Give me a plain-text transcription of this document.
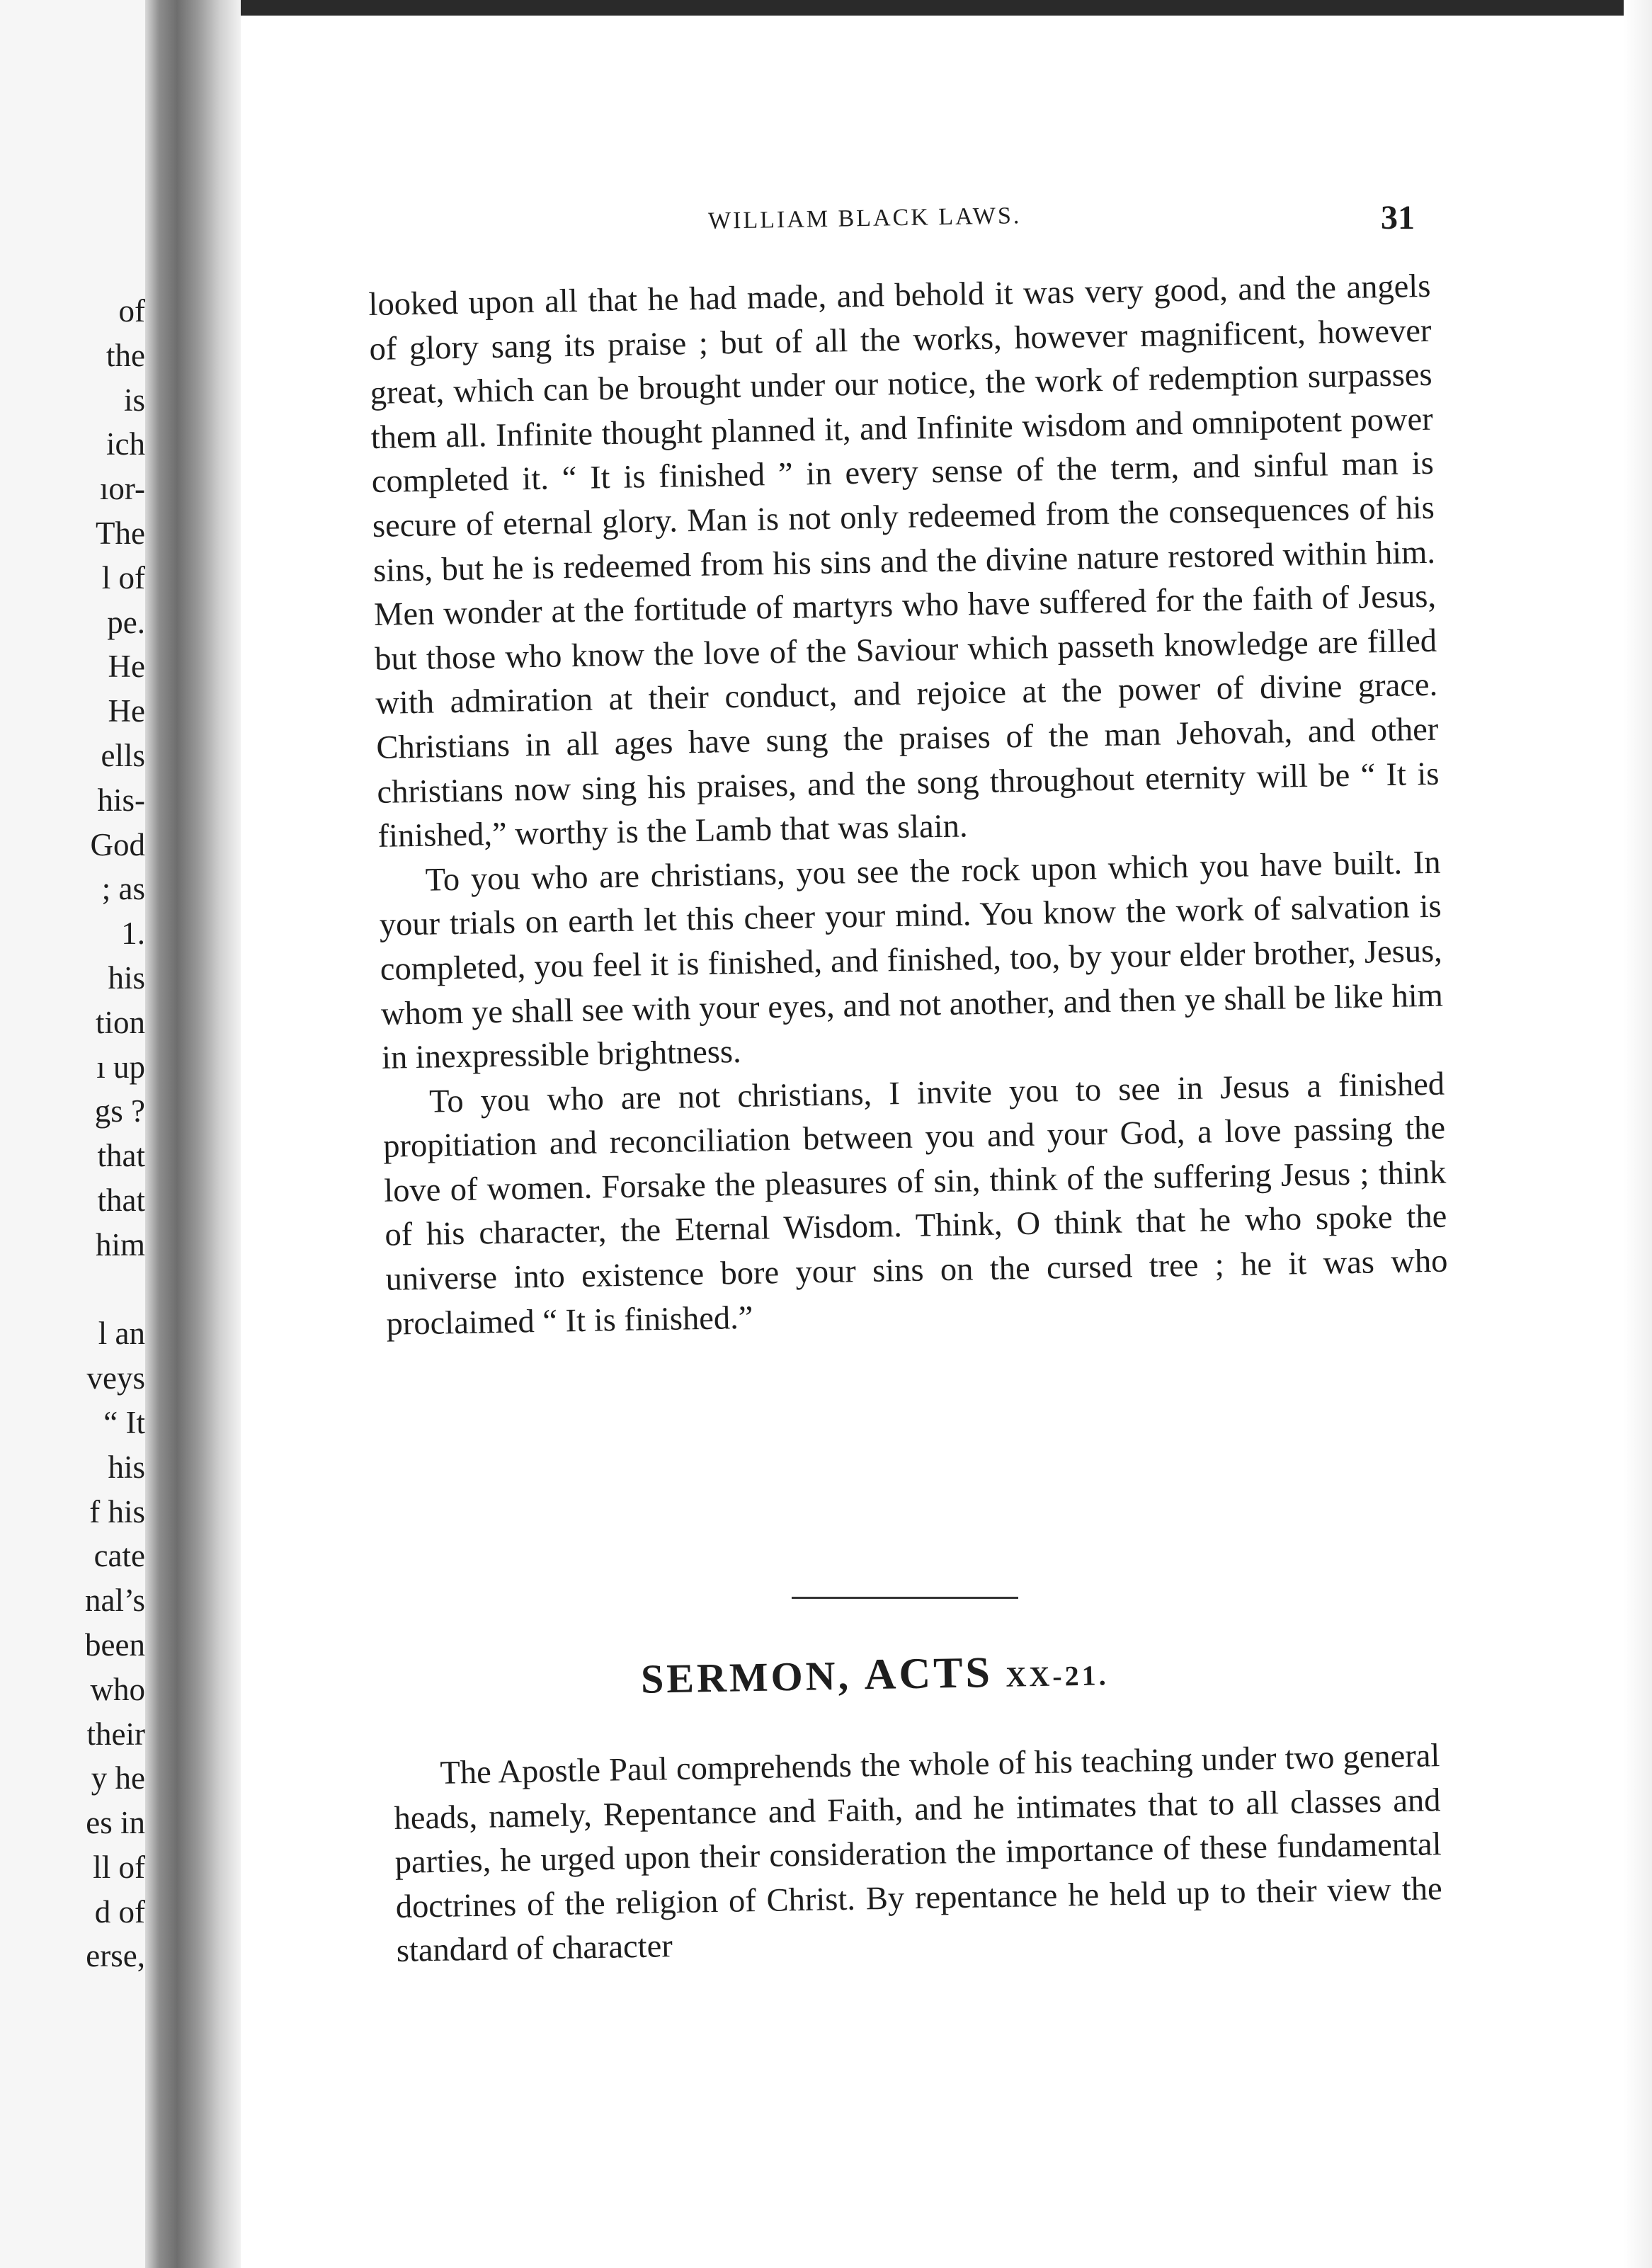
of
the
is
ich
ıor-
The
l of
pe.
He
He
ells
his-
God
; as
1.
his
tion
ı up
gs ?
that
that
him
l an
veys
“ It
his
f his
cate
nal’s
been
who
their
y he
es in
ll of
d of
erse,
WILLIAM BLACK LAWS.	31

looked upon all that he had made, and behold it was very good, and the angels of glory sang its praise ; but of all the works, however magnificent, however great, which can be brought under our notice, the work of redemption surpasses them all. Infinite thought planned it, and Infinite wisdom and omnipotent power completed it. “ It is finished ” in every sense of the term, and sinful man is secure of eternal glory. Man is not only redeemed from the consequences of his sins, but he is redeemed from his sins and the divine nature restored within him. Men wonder at the fortitude of martyrs who have suffered for the faith of Jesus, but those who know the love of the Saviour which passeth knowledge are filled with admiration at their conduct, and rejoice at the power of divine grace. Christians in all ages have sung the praises of the man Jehovah, and other christians now sing his praises, and the song throughout eternity will be “ It is finished,” worthy is the Lamb that was slain.

To you who are christians, you see the rock upon which you have built. In your trials on earth let this cheer your mind. You know the work of salvation is completed, you feel it is finished, and finished, too, by your elder brother, Jesus, whom ye shall see with your eyes, and not another, and then ye shall be like him in inexpressible brightness.

To you who are not christians, I invite you to see in Jesus a finished propitiation and reconciliation between you and your God, a love passing the love of women. Forsake the pleasures of sin, think of the suffering Jesus ; think of his character, the Eternal Wisdom. Think, O think that he who spoke the universe into existence bore your sins on the cursed tree ; he it was who proclaimed “ It is finished.”

SERMON, ACTS XX-21.

The Apostle Paul comprehends the whole of his teaching under two general heads, namely, Repentance and Faith, and he intimates that to all classes and parties, he urged upon their consideration the importance of these fundamental doctrines of the religion of Christ. By repentance he held up to their view the standard of character
